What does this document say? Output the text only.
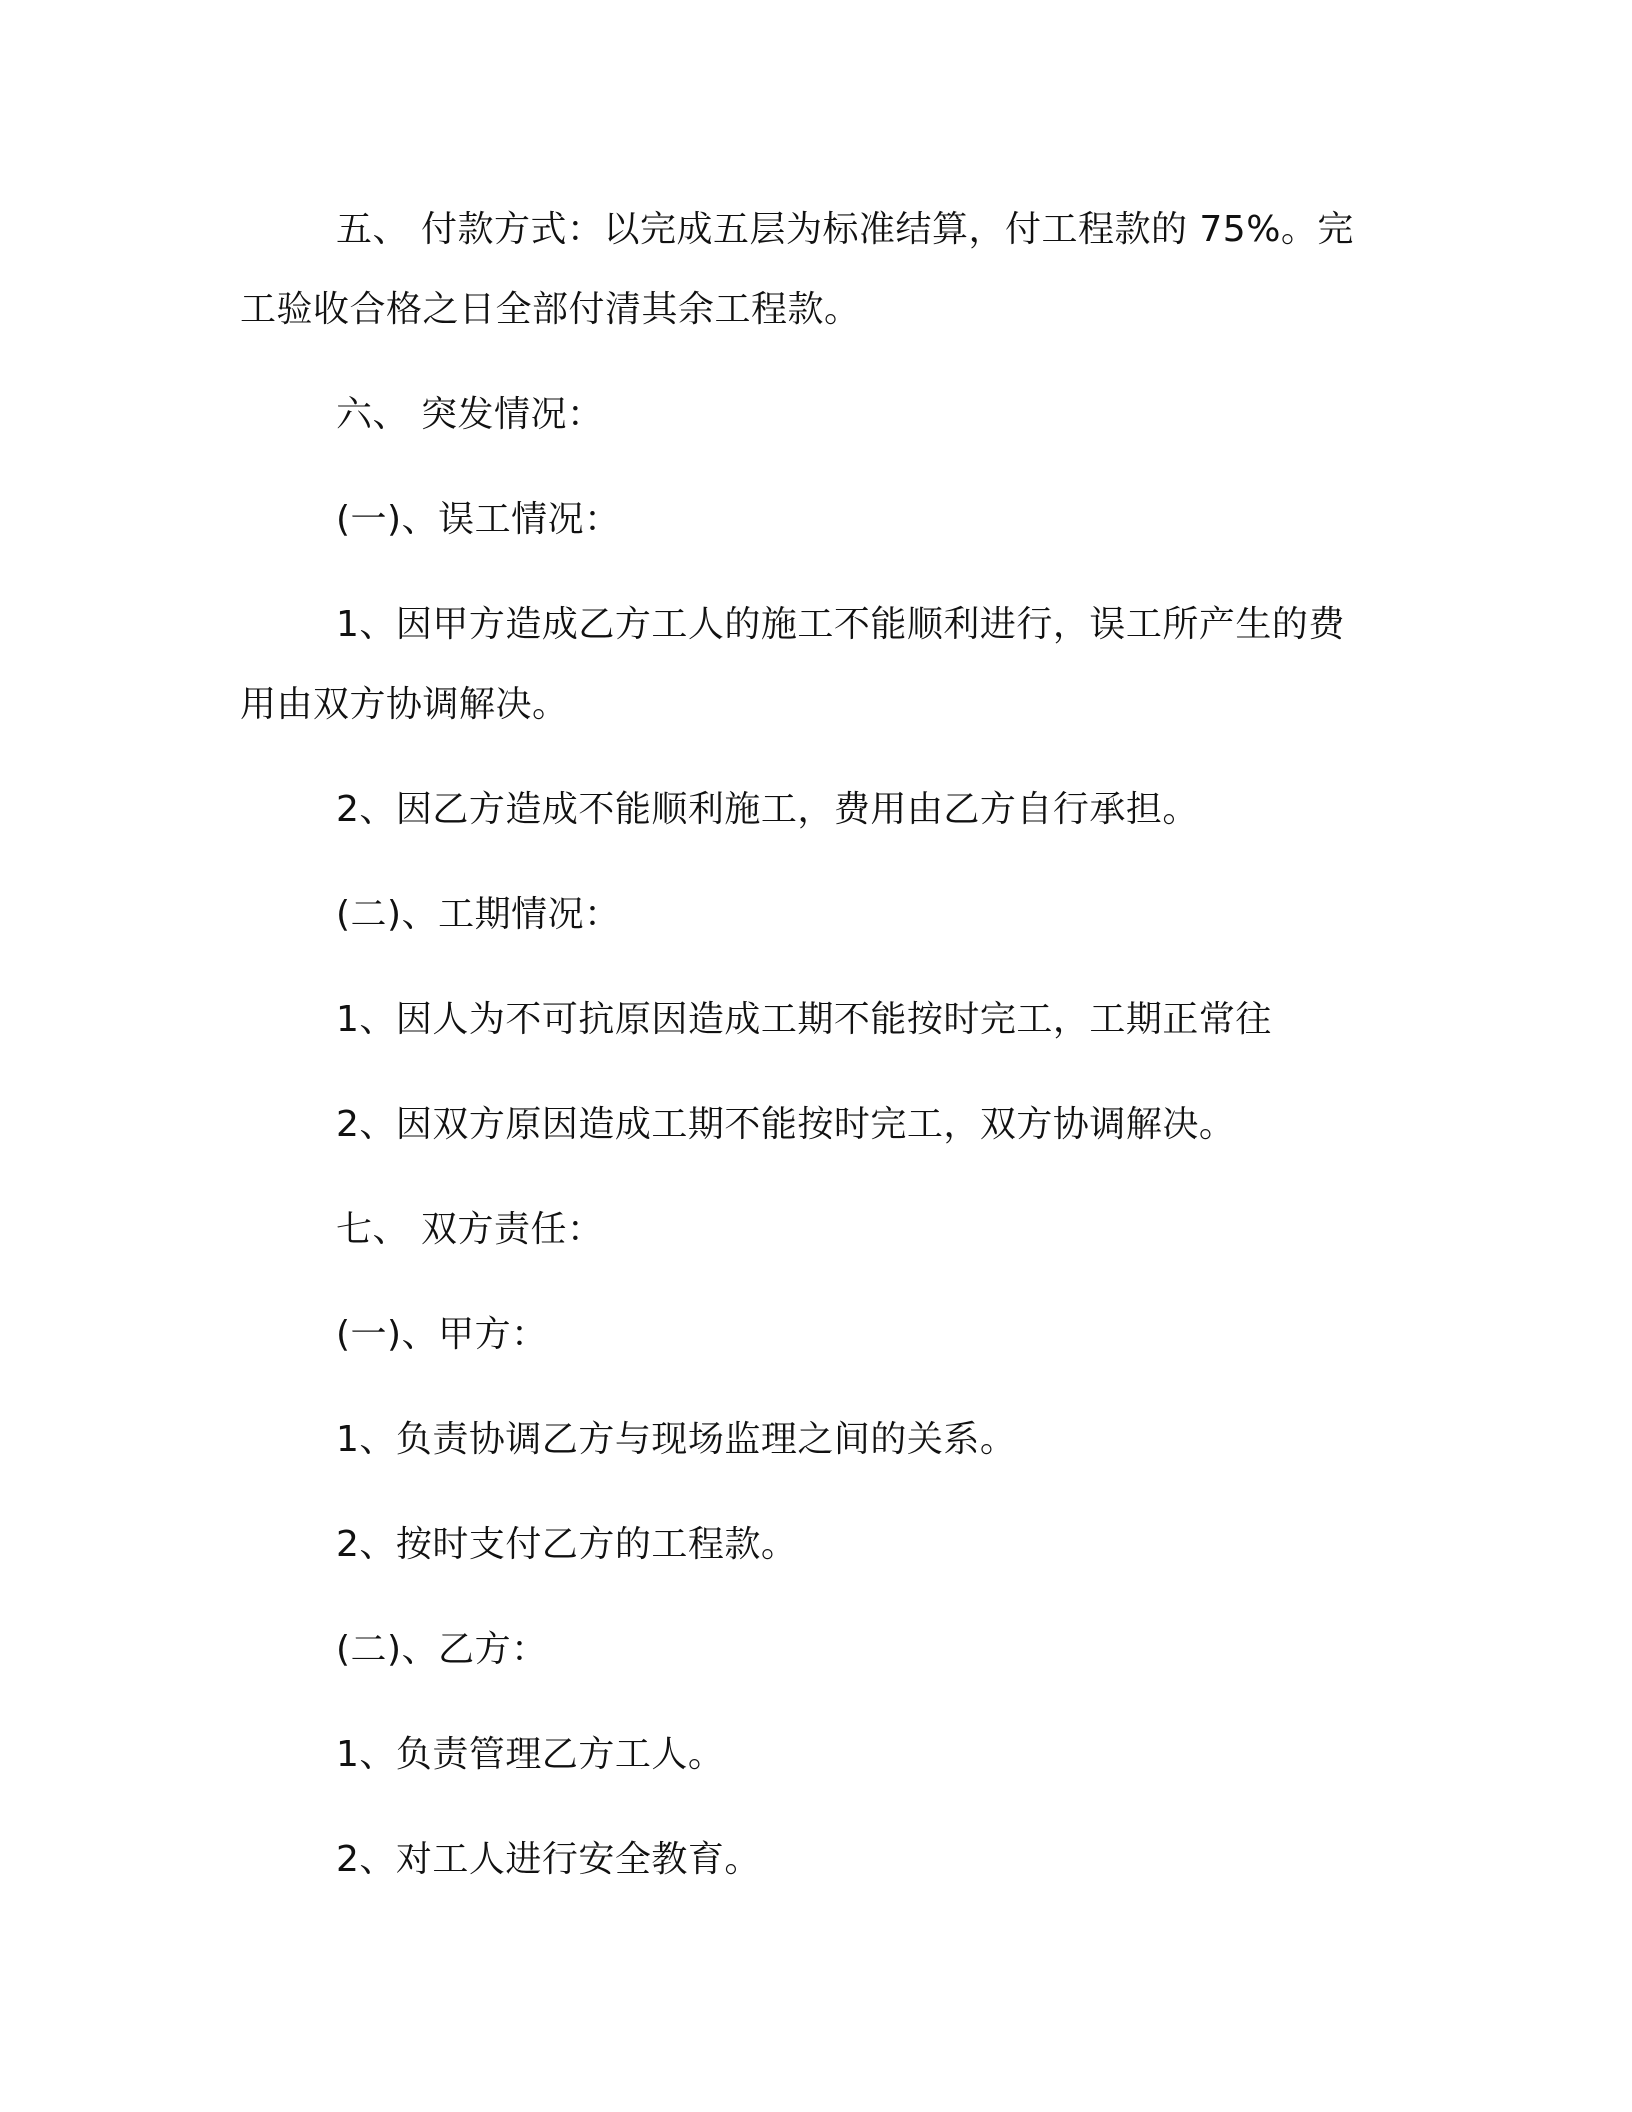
五、 付款方式：以完成五层为标准结算，付工程款的 75%。完工验收合格之日全部付清其余工程款。

六、 突发情况：

(一)、误工情况：

1、因甲方造成乙方工人的施工不能顺利进行，误工所产生的费用由双方协调解决。

2、因乙方造成不能顺利施工，费用由乙方自行承担。

(二)、工期情况：

1、因人为不可抗原因造成工期不能按时完工，工期正常往

2、因双方原因造成工期不能按时完工，双方协调解决。

七、 双方责任：

(一)、甲方：

1、负责协调乙方与现场监理之间的关系。

2、按时支付乙方的工程款。

(二)、乙方：

1、负责管理乙方工人。

2、对工人进行安全教育。
